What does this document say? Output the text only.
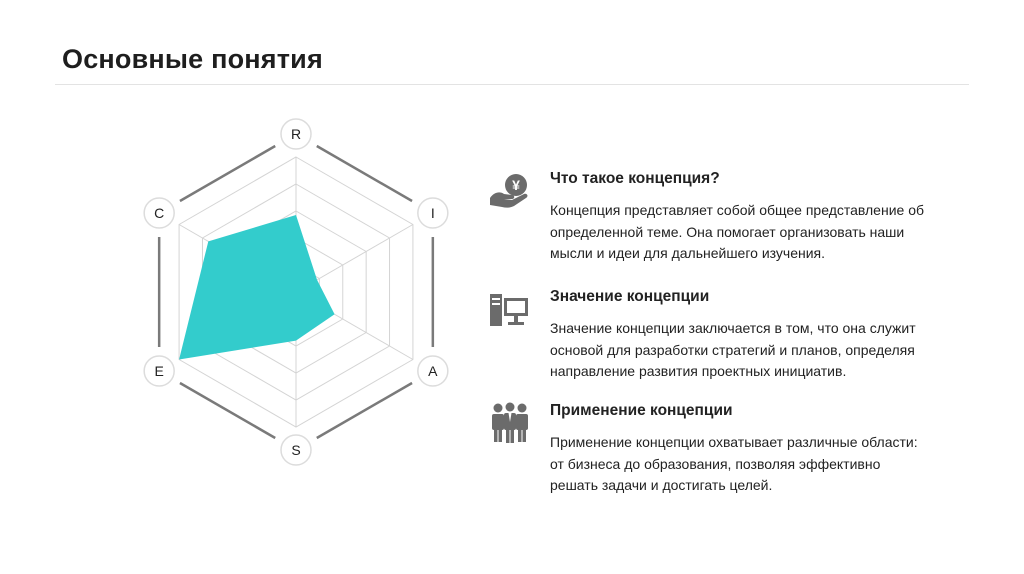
Основные понятия
R
I
A
S
E
C
¥ Что такое концепция?
Концепция представляет собой общее представление об определенной теме. Она помогает организовать наши мысли и идеи для дальнейшего изучения.
Значение концепции
Значение концепции заключается в том, что она служит основой для разработки стратегий и планов, определяя направление развития проектных инициатив.
Применение концепции
Применение концепции охватывает различные области: от бизнеса до образования, позволяя эффективно решать задачи и достигать целей.
